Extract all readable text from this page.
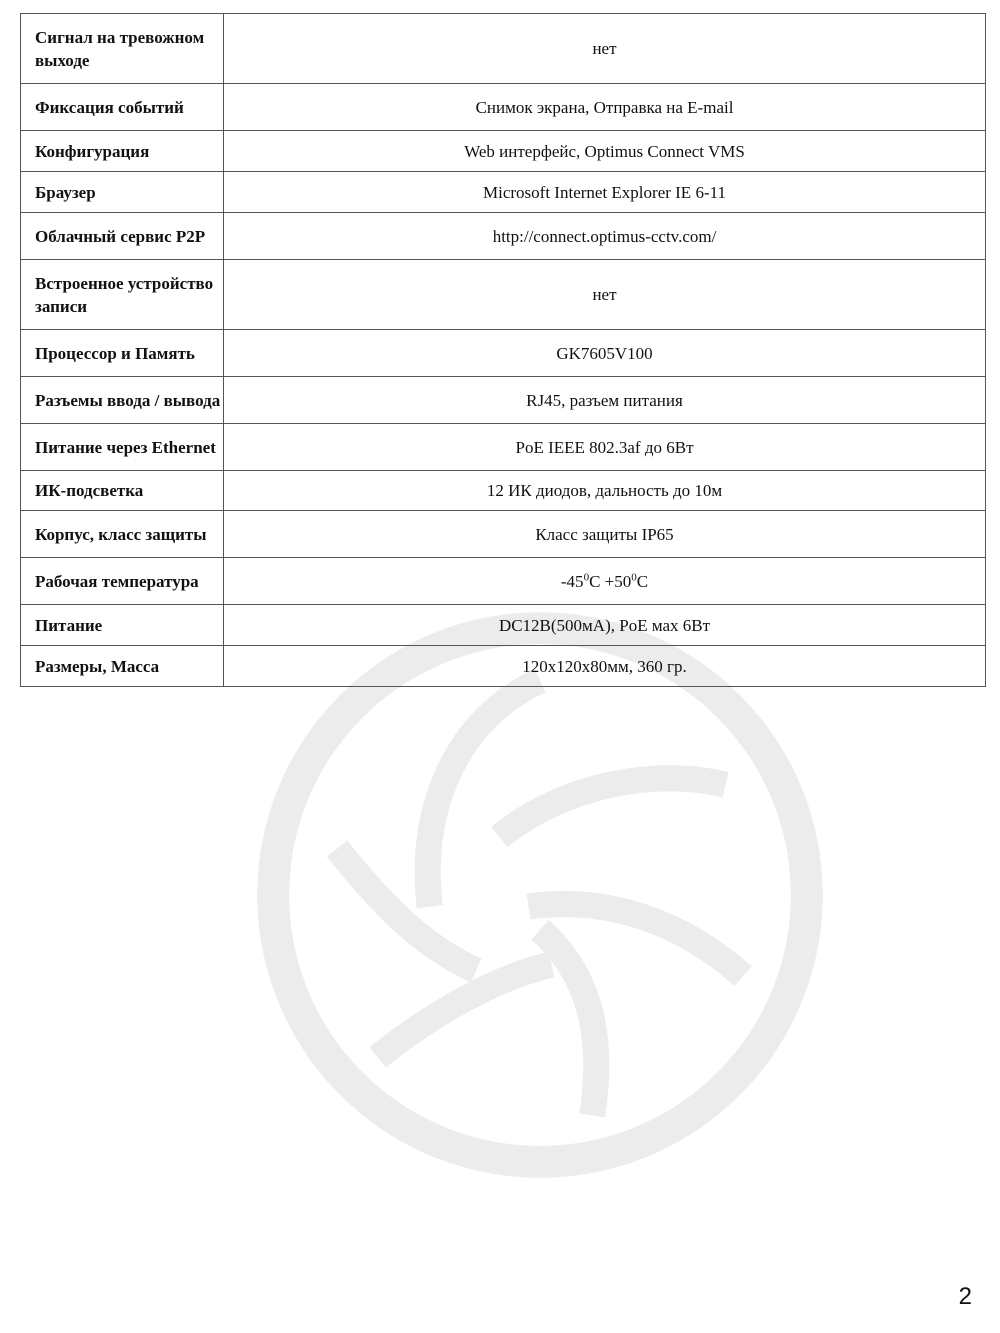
Сигнал на тревожном выходе	нет
Фиксация событий	Снимок экрана, Отправка на E-mail
Конфигурация	Web интерфейс, Optimus Connect VMS
Браузер	Microsoft Internet Explorer IE 6-11
Облачный сервис P2P	http://connect.optimus-cctv.com/
Встроенное устройство записи	нет
Процессор и Память	GK7605V100
Разъемы ввода / вывода	RJ45, разъем питания
Питание через Ethernet	PoE IEEE 802.3af до 6Вт
ИК-подсветка	12 ИК диодов, дальность до 10м
Корпус, класс защиты	Класс защиты IP65
Рабочая температура	$-45^0C +50^0C$
Питание	DC12В(500мА), PoE мах 6Вт
Размеры, Масса	120х120х80мм, 360 гр.
2
